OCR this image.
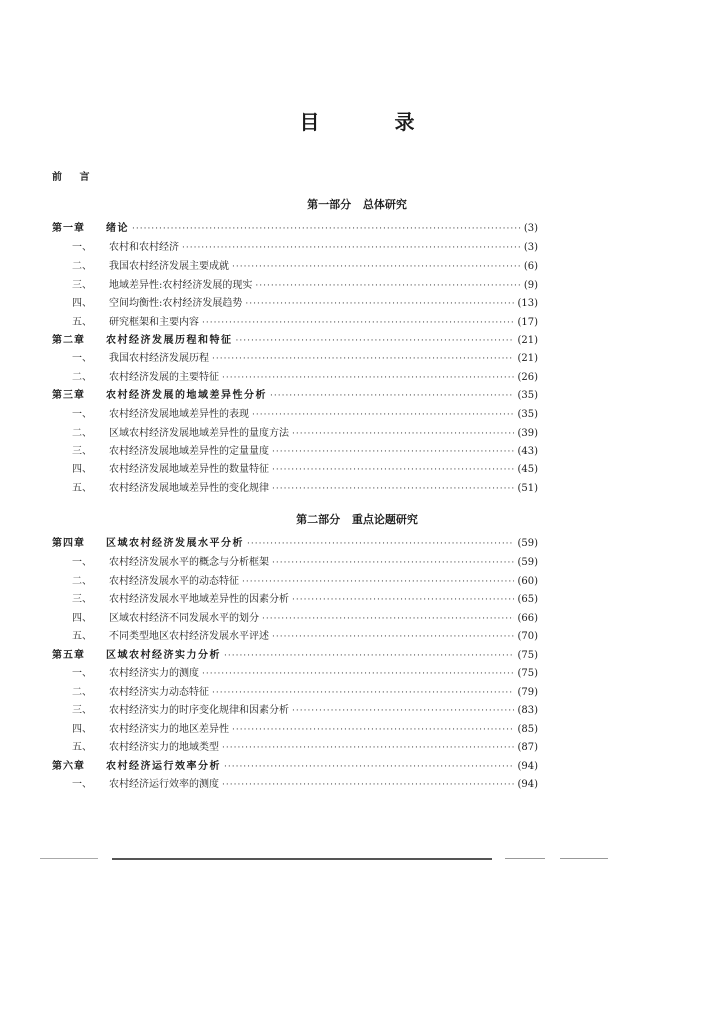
目 录
前 言
第一部分 总体研究
第二部分 重点论题研究
第一章	绪论 ·····	(3)
一、	农村和农村经济 ·····	(3)
二、	我国农村经济发展主要成就 ·····	(6)
三、	地域差异性:农村经济发展的现实 ·····	(9)
四、	空间均衡性:农村经济发展趋势 ·····	(13)
五、	研究框架和主要内容 ·····	(17)
第二章	农村经济发展历程和特征 ·····	(21)
一、	我国农村经济发展历程 ·····	(21)
二、	农村经济发展的主要特征 ·····	(26)
第三章	农村经济发展的地域差异性分析 ·····	(35)
一、	农村经济发展地域差异性的表现 ·····	(35)
二、	区域农村经济发展地域差异性的量度方法 ·····	(39)
三、	农村经济发展地域差异性的定量量度 ·····	(43)
四、	农村经济发展地域差异性的数量特征 ·····	(45)
五、	农村经济发展地域差异性的变化规律 ·····	(51)
第四章	区域农村经济发展水平分析 ·····	(59)
一、	农村经济发展水平的概念与分析框架 ·····	(59)
二、	农村经济发展水平的动态特征 ·····	(60)
三、	农村经济发展水平地域差异性的因素分析 ·····	(65)
四、	区域农村经济不同发展水平的划分 ·····	(66)
五、	不同类型地区农村经济发展水平评述 ·····	(70)
第五章	区域农村经济实力分析 ·····	(75)
一、	农村经济实力的测度 ·····	(75)
二、	农村经济实力动态特征 ·····	(79)
三、	农村经济实力的时序变化规律和因素分析 ·····	(83)
四、	农村经济实力的地区差异性 ·····	(85)
五、	农村经济实力的地域类型 ·····	(87)
第六章	农村经济运行效率分析 ·····	(94)
一、	农村经济运行效率的测度 ·····	(94)
